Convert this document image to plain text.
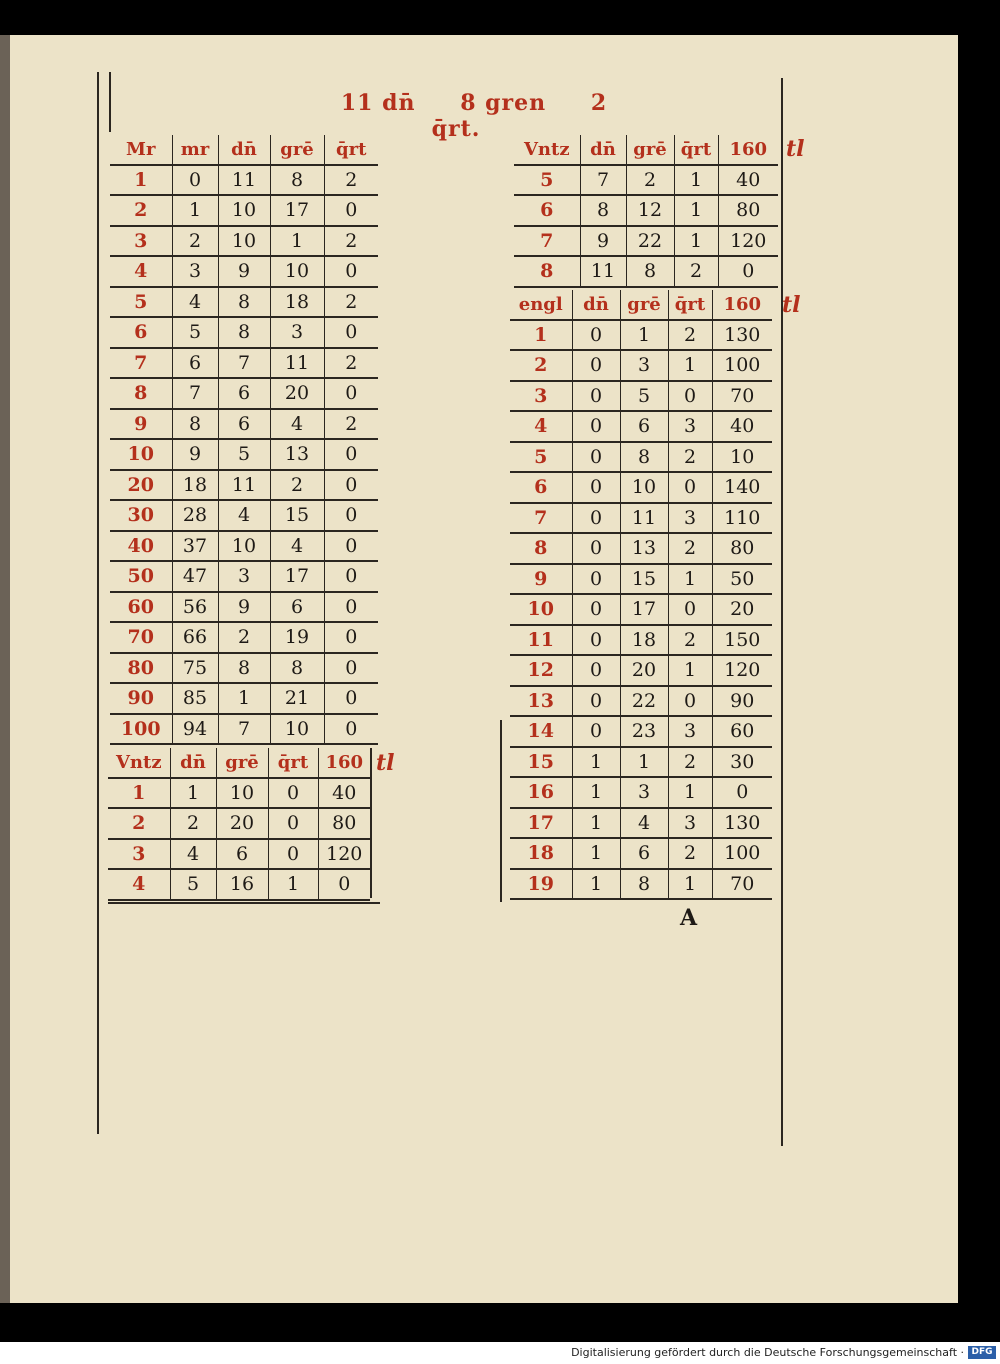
11 dn̄ 8 gren 2 q̄rt.
Mr	mr	dn̄	grē	q̄rt
1	0	11	8	2
2	1	10	17	0
3	2	10	1	2
4	3	9	10	0
5	4	8	18	2
6	5	8	3	0
7	6	7	11	2
8	7	6	20	0
9	8	6	4	2
10	9	5	13	0
20	18	11	2	0
30	28	4	15	0
40	37	10	4	0
50	47	3	17	0
60	56	9	6	0
70	66	2	19	0
80	75	8	8	0
90	85	1	21	0
100	94	7	10	0
Vntz	dn̄	grē	q̄rt	160
1	1	10	0	40
2	2	20	0	80
3	4	6	0	120
4	5	16	1	0
tl
Vntz	dn̄	grē	q̄rt	160
5	7	2	1	40
6	8	12	1	80
7	9	22	1	120
8	11	8	2	0
tl
engl	dn̄	grē	q̄rt	160
1	0	1	2	130
2	0	3	1	100
3	0	5	0	70
4	0	6	3	40
5	0	8	2	10
6	0	10	0	140
7	0	11	3	110
8	0	13	2	80
9	0	15	1	50
10	0	17	0	20
11	0	18	2	150
12	0	20	1	120
13	0	22	0	90
14	0	23	3	60
15	1	1	2	30
16	1	3	1	0
17	1	4	3	130
18	1	6	2	100
19	1	8	1	70
tl
A
Digitalisierung gefördert durch die Deutsche Forschungsgemeinschaft · DFG
